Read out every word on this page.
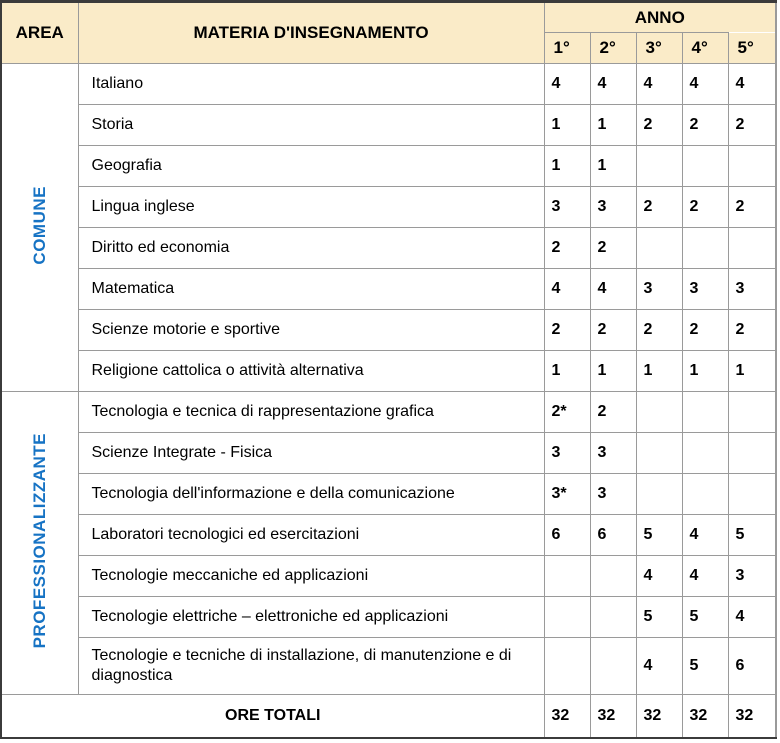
AREA	MATERIA D'INSEGNAMENTO	ANNO				
		1°	2°	3°	4°	5°
COMUNE	Italiano	4	4	4	4	4
	Storia	1	1	2	2	2
	Geografia	1	1			
	Lingua inglese	3	3	2	2	2
	Diritto ed economia	2	2			
	Matematica	4	4	3	3	3
	Scienze motorie e sportive	2	2	2	2	2
	Religione cattolica o attività alternativa	1	1	1	1	1
PROFESSIONALIZZANTE	Tecnologia e tecnica di rappresentazione grafica	2*	2			
	Scienze Integrate - Fisica	3	3			
	Tecnologia dell'informazione e della comunicazione	3*	3			
	Laboratori tecnologici ed esercitazioni	6	6	5	4	5
	Tecnologie meccaniche ed applicazioni			4	4	3
	Tecnologie elettriche – elettroniche ed applicazioni			5	5	4
	Tecnologie e tecniche di installazione, di manutenzione e di diagnostica			4	5	6
ORE TOTALI		32	32	32	32	32
